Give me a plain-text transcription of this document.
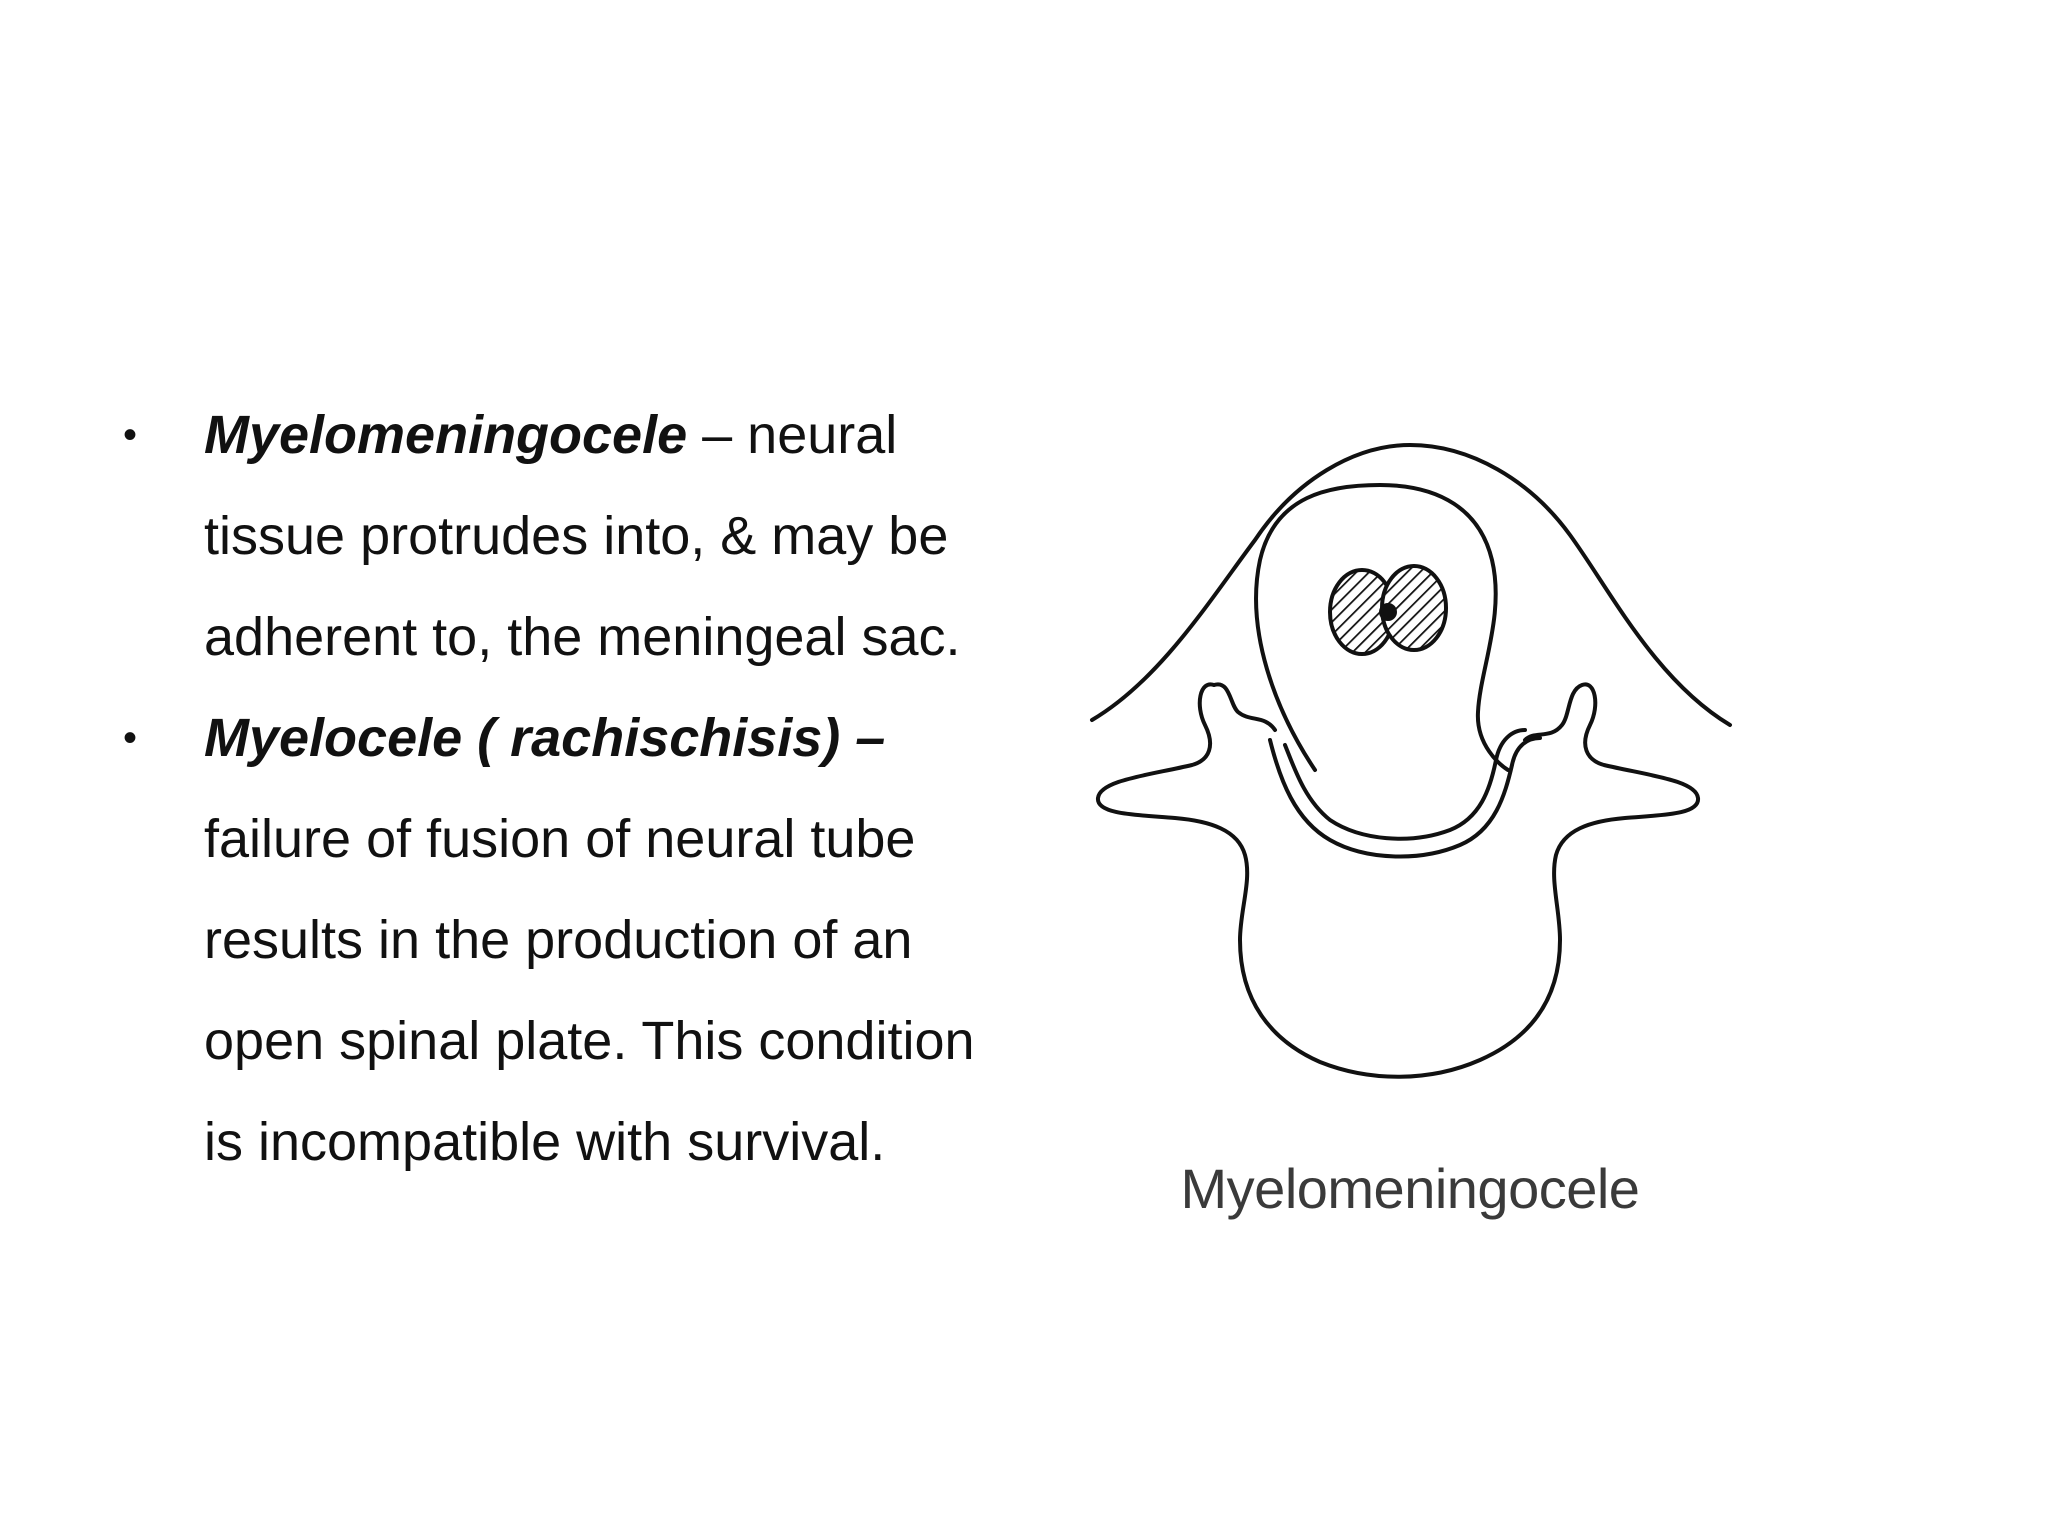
• Myelomeningocele – neural tissue protrudes into, & may be adherent to, the meningeal sac.
• Myelocele ( rachischisis) – failure of fusion of neural tube results in the production of an open spinal plate. This condition is incompatible with survival.
Myelomeningocele
